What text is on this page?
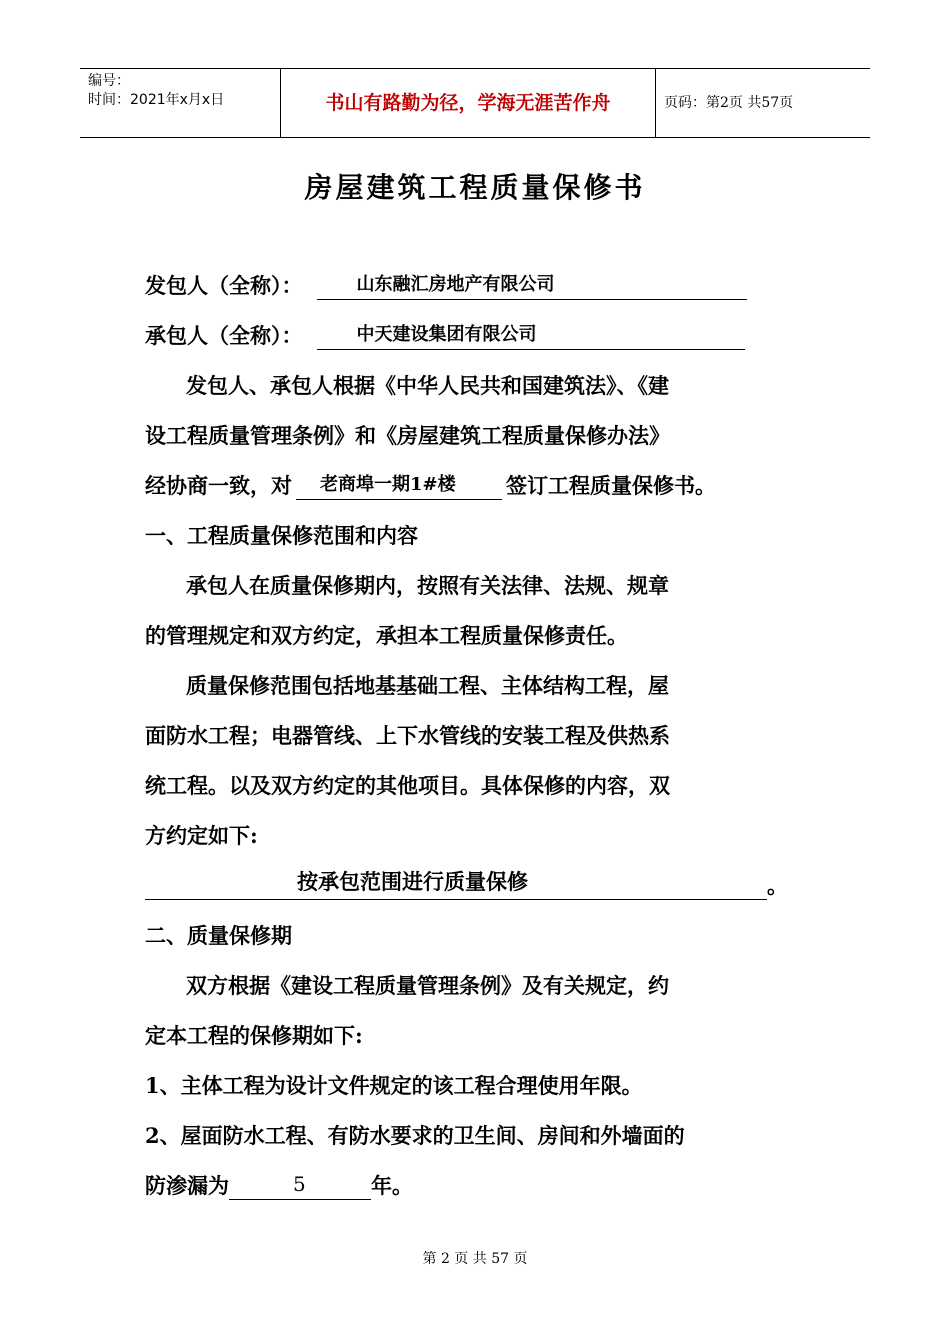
编号：
时间：2021年x月x日	书山有路勤为径，学海无涯苦作舟	页码：第2页 共57页
房屋建筑工程质量保修书
发包人（全称）：	山东融汇房地产有限公司
承包人（全称）：	中天建设集团有限公司
发包人、承包人根据《中华人民共和国建筑法》、《建
设工程质量管理条例》和《房屋建筑工程质量保修办法》
经协商一致，对 老商埠一期1#楼 签订工程质量保修书。
一、工程质量保修范围和内容
承包人在质量保修期内，按照有关法律、法规、规章
的管理规定和双方约定，承担本工程质量保修责任。
质量保修范围包括地基基础工程、主体结构工程，屋
面防水工程；电器管线、上下水管线的安装工程及供热系
统工程。以及双方约定的其他项目。具体保修的内容，双
方约定如下:
按承包范围进行质量保修	。
二、质量保修期
双方根据《建设工程质量管理条例》及有关规定，约
定本工程的保修期如下:
1、主体工程为设计文件规定的该工程合理使用年限。
2、屋面防水工程、有防水要求的卫生间、房间和外墙面的
防渗漏为	5	年。
第 2 页 共 57 页
